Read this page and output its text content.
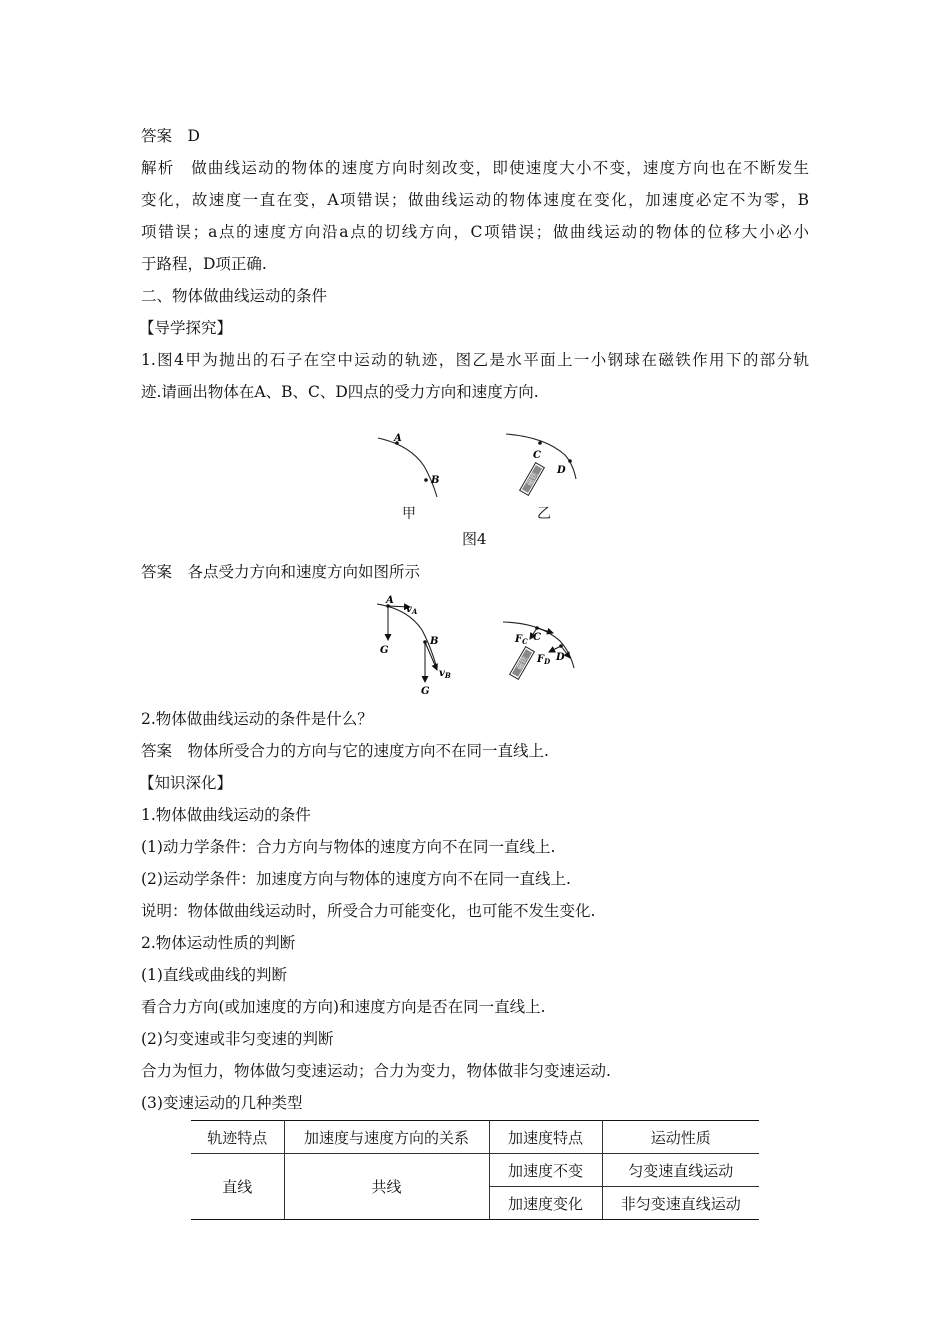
答案　D
解析　做曲线运动的物体的速度方向时刻改变，即使速度大小不变，速度方向也在不断发生
变化，故速度一直在变，A项错误；做曲线运动的物体速度在变化，加速度必定不为零，B
项错误；a点的速度方向沿a点的切线方向，C项错误；做曲线运动的物体的位移大小必小
于路程，D项正确.
二、物体做曲线运动的条件
【导学探究】
1.图4甲为抛出的石子在空中运动的轨迹，图乙是水平面上一小钢球在磁铁作用下的部分轨
迹.请画出物体在A、B、C、D四点的受力方向和速度方向.
A
B
C
D
磁铁
甲	乙
图4
答案　各点受力方向和速度方向如图所示
A
B
$v_A$
G
$v_B$
G
$F_C$ C
$F_D$ D
磁铁
2.物体做曲线运动的条件是什么？
答案　物体所受合力的方向与它的速度方向不在同一直线上.
【知识深化】
1.物体做曲线运动的条件
(1)动力学条件：合力方向与物体的速度方向不在同一直线上.
(2)运动学条件：加速度方向与物体的速度方向不在同一直线上.
说明：物体做曲线运动时，所受合力可能变化，也可能不发生变化.
2.物体运动性质的判断
(1)直线或曲线的判断
看合力方向(或加速度的方向)和速度方向是否在同一直线上.
(2)匀变速或非匀变速的判断
合力为恒力，物体做匀变速运动；合力为变力，物体做非匀变速运动.
(3)变速运动的几种类型
轨迹特点	加速度与速度方向的关系	加速度特点	运动性质
直线	共线	加速度不变	匀变速直线运动
		加速度变化	非匀变速直线运动
